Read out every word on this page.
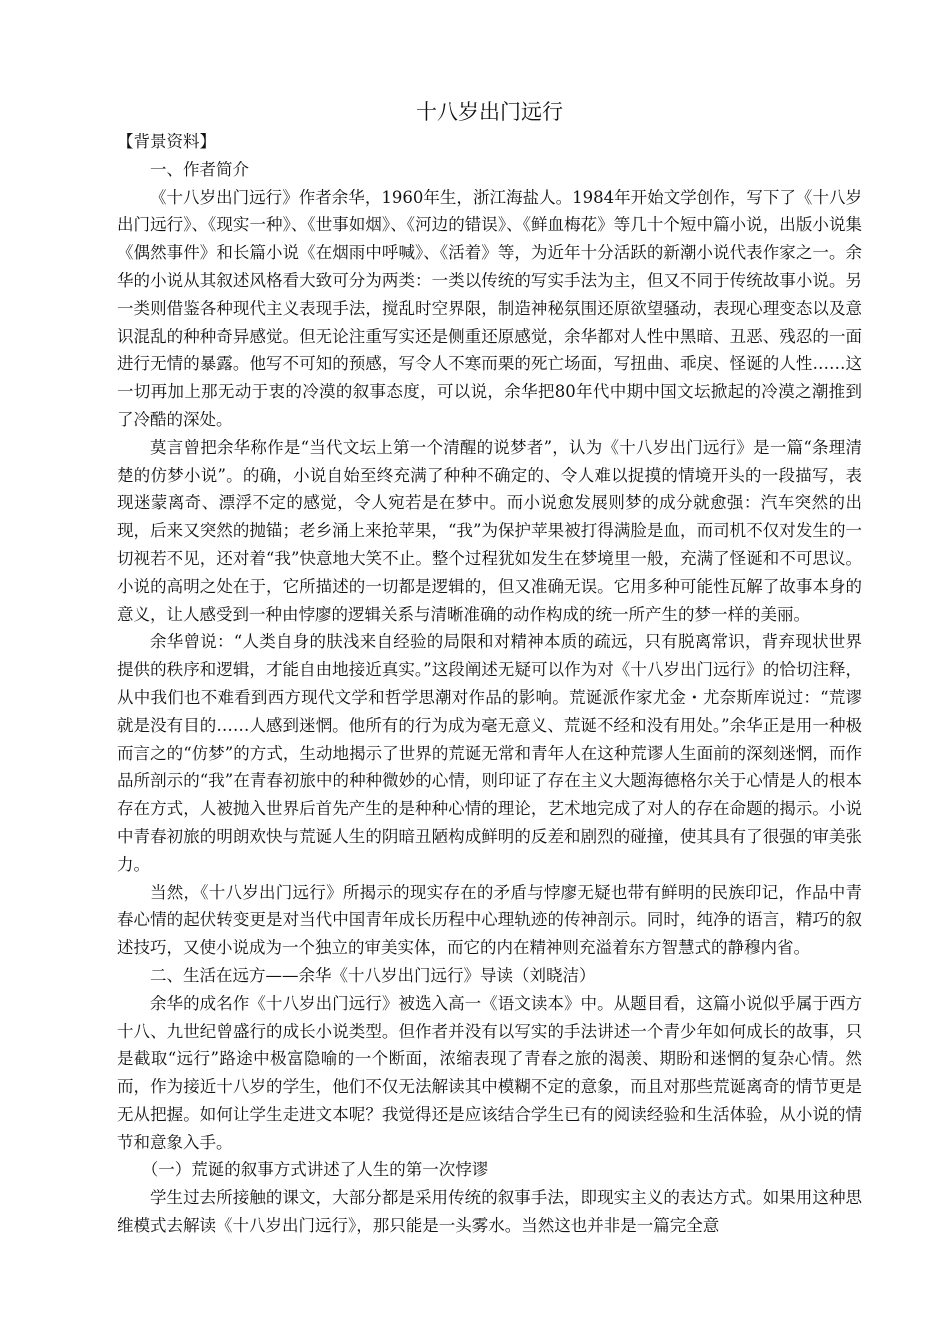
十八岁出门远行

【背景资料】

一、作者简介

《十八岁出门远行》作者余华，1960年生，浙江海盐人。1984年开始文学创作，写下了《十八岁出门远行》、《现实一种》、《世事如烟》、《河边的错误》、《鲜血梅花》等几十个短中篇小说，出版小说集《偶然事件》和长篇小说《在烟雨中呼喊》、《活着》等，为近年十分活跃的新潮小说代表作家之一。余华的小说从其叙述风格看大致可分为两类：一类以传统的写实手法为主，但又不同于传统故事小说。另一类则借鉴各种现代主义表现手法，搅乱时空界限，制造神秘氛围还原欲望骚动，表现心理变态以及意识混乱的种种奇异感觉。但无论注重写实还是侧重还原感觉，余华都对人性中黑暗、丑恶、残忍的一面进行无情的暴露。他写不可知的预感，写令人不寒而栗的死亡场面，写扭曲、乖戾、怪诞的人性……这一切再加上那无动于衷的冷漠的叙事态度，可以说，余华把80年代中期中国文坛掀起的冷漠之潮推到了冷酷的深处。

莫言曾把余华称作是“当代文坛上第一个清醒的说梦者”，认为《十八岁出门远行》是一篇“条理清楚的仿梦小说”。的确，小说自始至终充满了种种不确定的、令人难以捉摸的情境开头的一段描写，表现迷蒙离奇、漂浮不定的感觉，令人宛若是在梦中。而小说愈发展则梦的成分就愈强：汽车突然的出现，后来又突然的抛锚；老乡涌上来抢苹果，“我”为保护苹果被打得满脸是血，而司机不仅对发生的一切视若不见，还对着“我”快意地大笑不止。整个过程犹如发生在梦境里一般，充满了怪诞和不可思议。小说的高明之处在于，它所描述的一切都是逻辑的，但又准确无误。它用多种可能性瓦解了故事本身的意义，让人感受到一种由悖廖的逻辑关系与清晰准确的动作构成的统一所产生的梦一样的美丽。

余华曾说：“人类自身的肤浅来自经验的局限和对精神本质的疏远，只有脱离常识，背弃现状世界提供的秩序和逻辑，才能自由地接近真实。”这段阐述无疑可以作为对《十八岁出门远行》的恰切注释，从中我们也不难看到西方现代文学和哲学思潮对作品的影响。荒诞派作家尤金・尤奈斯库说过：“荒谬就是没有目的……人感到迷惘。他所有的行为成为毫无意义、荒诞不经和没有用处。”余华正是用一种极而言之的“仿梦”的方式，生动地揭示了世界的荒诞无常和青年人在这种荒谬人生面前的深刻迷惘，而作品所剖示的“我”在青春初旅中的种种微妙的心情，则印证了存在主义大题海德格尔关于心情是人的根本存在方式，人被抛入世界后首先产生的是种种心情的理论，艺术地完成了对人的存在命题的揭示。小说中青春初旅的明朗欢快与荒诞人生的阴暗丑陋构成鲜明的反差和剧烈的碰撞，使其具有了很强的审美张力。

当然，《十八岁出门远行》所揭示的现实存在的矛盾与悖廖无疑也带有鲜明的民族印记，作品中青春心情的起伏转变更是对当代中国青年成长历程中心理轨迹的传神剖示。同时，纯净的语言，精巧的叙述技巧，又使小说成为一个独立的审美实体，而它的内在精神则充溢着东方智慧式的静穆内省。

二、生活在远方——余华《十八岁出门远行》导读（刘晓洁）

余华的成名作《十八岁出门远行》被选入高一《语文读本》中。从题目看，这篇小说似乎属于西方十八、九世纪曾盛行的成长小说类型。但作者并没有以写实的手法讲述一个青少年如何成长的故事，只是截取“远行”路途中极富隐喻的一个断面，浓缩表现了青春之旅的渴羡、期盼和迷惘的复杂心情。然而，作为接近十八岁的学生，他们不仅无法解读其中模糊不定的意象，而且对那些荒诞离奇的情节更是无从把握。如何让学生走进文本呢？我觉得还是应该结合学生已有的阅读经验和生活体验，从小说的情节和意象入手。

（一）荒诞的叙事方式讲述了人生的第一次悖谬

学生过去所接触的课文，大部分都是采用传统的叙事手法，即现实主义的表达方式。如果用这种思维模式去解读《十八岁出门远行》，那只能是一头雾水。当然这也并非是一篇完全意
